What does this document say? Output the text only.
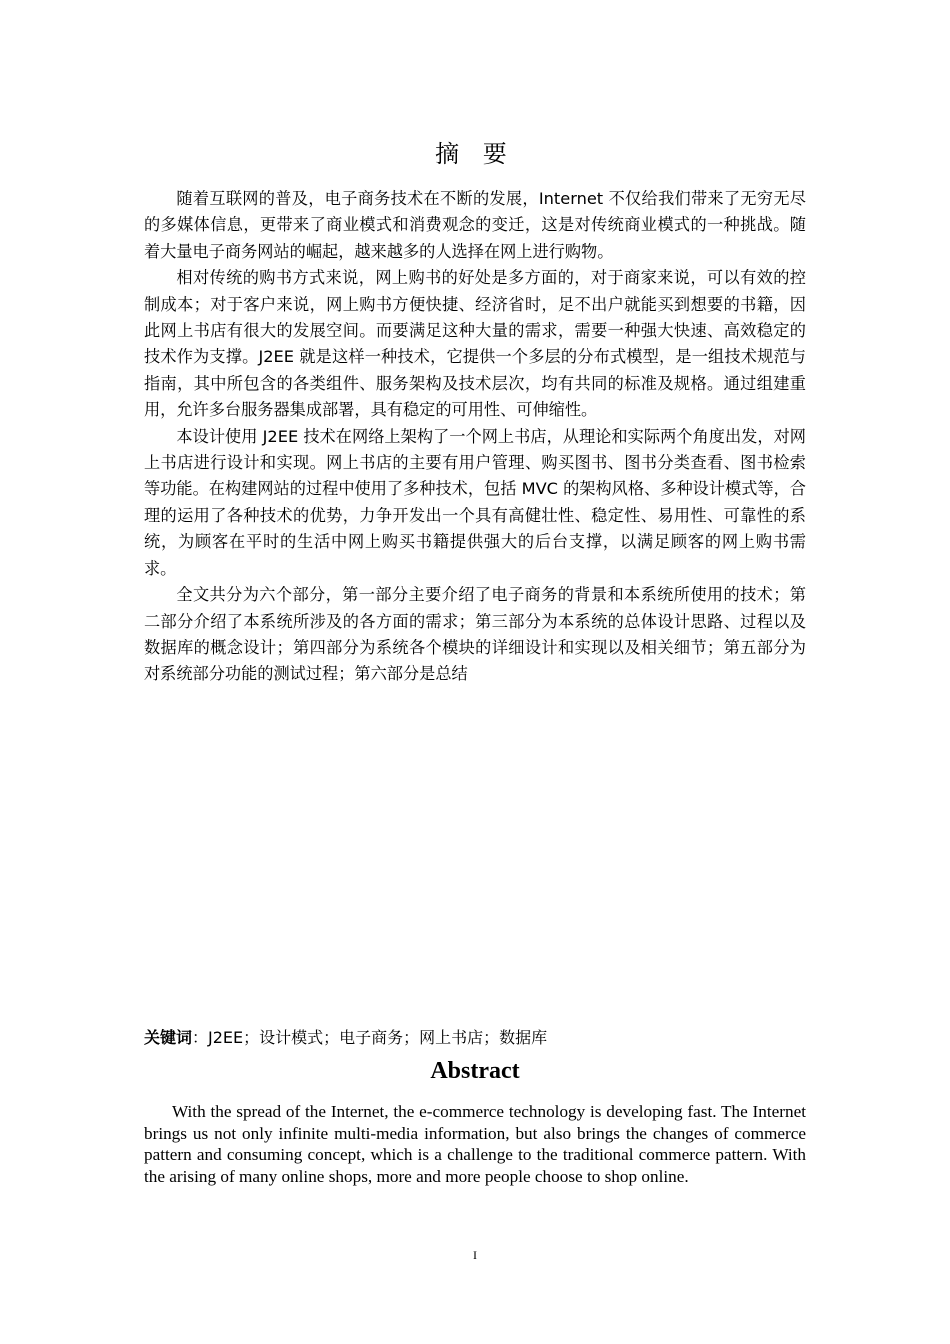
摘 要

随着互联网的普及，电子商务技术在不断的发展，Internet 不仅给我们带来了无穷无尽的多媒体信息，更带来了商业模式和消费观念的变迁，这是对传统商业模式的一种挑战。随着大量电子商务网站的崛起，越来越多的人选择在网上进行购物。

相对传统的购书方式来说，网上购书的好处是多方面的，对于商家来说，可以有效的控制成本；对于客户来说，网上购书方便快捷、经济省时，足不出户就能买到想要的书籍，因此网上书店有很大的发展空间。而要满足这种大量的需求，需要一种强大快速、高效稳定的技术作为支撑。J2EE 就是这样一种技术，它提供一个多层的分布式模型，是一组技术规范与指南，其中所包含的各类组件、服务架构及技术层次，均有共同的标准及规格。通过组建重用，允许多台服务器集成部署，具有稳定的可用性、可伸缩性。

本设计使用 J2EE 技术在网络上架构了一个网上书店，从理论和实际两个角度出发，对网上书店进行设计和实现。网上书店的主要有用户管理、购买图书、图书分类查看、图书检索等功能。在构建网站的过程中使用了多种技术，包括 MVC 的架构风格、多种设计模式等，合理的运用了各种技术的优势，力争开发出一个具有高健壮性、稳定性、易用性、可靠性的系统，为顾客在平时的生活中网上购买书籍提供强大的后台支撑，以满足顾客的网上购书需求。

全文共分为六个部分，第一部分主要介绍了电子商务的背景和本系统所使用的技术；第二部分介绍了本系统所涉及的各方面的需求；第三部分为本系统的总体设计思路、过程以及数据库的概念设计；第四部分为系统各个模块的详细设计和实现以及相关细节；第五部分为对系统部分功能的测试过程；第六部分是总结

关键词：J2EE；设计模式；电子商务；网上书店；数据库

Abstract

With the spread of the Internet, the e-commerce technology is developing fast. The Internet brings us not only infinite multi-media information, but also brings the changes of commerce pattern and consuming concept, which is a challenge to the traditional commerce pattern. With the arising of many online shops, more and more people choose to shop online.

I
